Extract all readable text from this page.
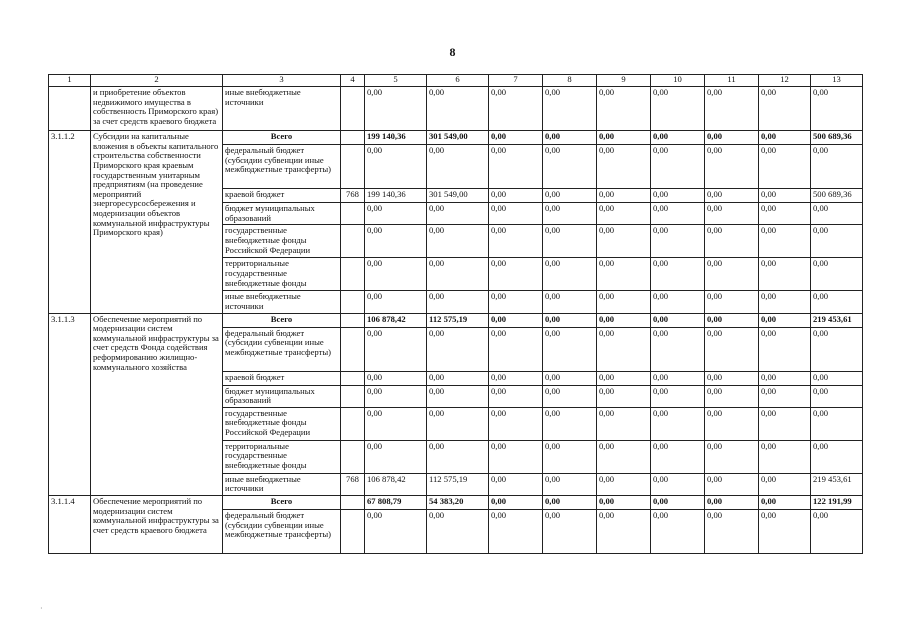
8
1	2	3	4	5	6	7	8	9	10	11	12	13
	и приобретение объектов недвижимого имущества в собственность Приморского края) за счет средств краевого бюджета	иные внебюджетные источники		0,00	0,00	0,00	0,00	0,00	0,00	0,00	0,00	0,00
3.1.1.2	Субсидии на капитальные вложения в объекты капитального строительства собственности Приморского края краевым государственным унитарным предприятиям (на проведение мероприятий энергоресурсосбережения и модернизации объектов коммунальной инфраструктуры Приморского края)	Всего		199 140,36	301 549,00	0,00	0,00	0,00	0,00	0,00	0,00	500 689,36
		федеральный бюджет (субсидии субвенции иные межбюджетные трансферты)		0,00	0,00	0,00	0,00	0,00	0,00	0,00	0,00	0,00
		краевой бюджет	768	199 140,36	301 549,00	0,00	0,00	0,00	0,00	0,00	0,00	500 689,36
		бюджет муниципальных образований		0,00	0,00	0,00	0,00	0,00	0,00	0,00	0,00	0,00
		государственные внебюджетные фонды Российской Федерации		0,00	0,00	0,00	0,00	0,00	0,00	0,00	0,00	0,00
		территориальные государственные внебюджетные фонды		0,00	0,00	0,00	0,00	0,00	0,00	0,00	0,00	0,00
		иные внебюджетные источники		0,00	0,00	0,00	0,00	0,00	0,00	0,00	0,00	0,00
3.1.1.3	Обеспечение мероприятий по модернизации систем коммунальной инфраструктуры за счет средств Фонда содействия реформированию жилищно-коммунального хозяйства	Всего		106 878,42	112 575,19	0,00	0,00	0,00	0,00	0,00	0,00	219 453,61
		федеральный бюджет (субсидии субвенции иные межбюджетные трансферты)		0,00	0,00	0,00	0,00	0,00	0,00	0,00	0,00	0,00
		краевой бюджет		0,00	0,00	0,00	0,00	0,00	0,00	0,00	0,00	0,00
		бюджет муниципальных образований		0,00	0,00	0,00	0,00	0,00	0,00	0,00	0,00	0,00
		государственные внебюджетные фонды Российской Федерации		0,00	0,00	0,00	0,00	0,00	0,00	0,00	0,00	0,00
		территориальные государственные внебюджетные фонды		0,00	0,00	0,00	0,00	0,00	0,00	0,00	0,00	0,00
		иные внебюджетные источники	768	106 878,42	112 575,19	0,00	0,00	0,00	0,00	0,00	0,00	219 453,61
3.1.1.4	Обеспечение мероприятий по модернизации систем коммунальной инфраструктуры за счет средств краевого бюджета	Всего		67 808,79	54 383,20	0,00	0,00	0,00	0,00	0,00	0,00	122 191,99
		федеральный бюджет (субсидии субвенции иные межбюджетные трансферты)		0,00	0,00	0,00	0,00	0,00	0,00	0,00	0,00	0,00
·
